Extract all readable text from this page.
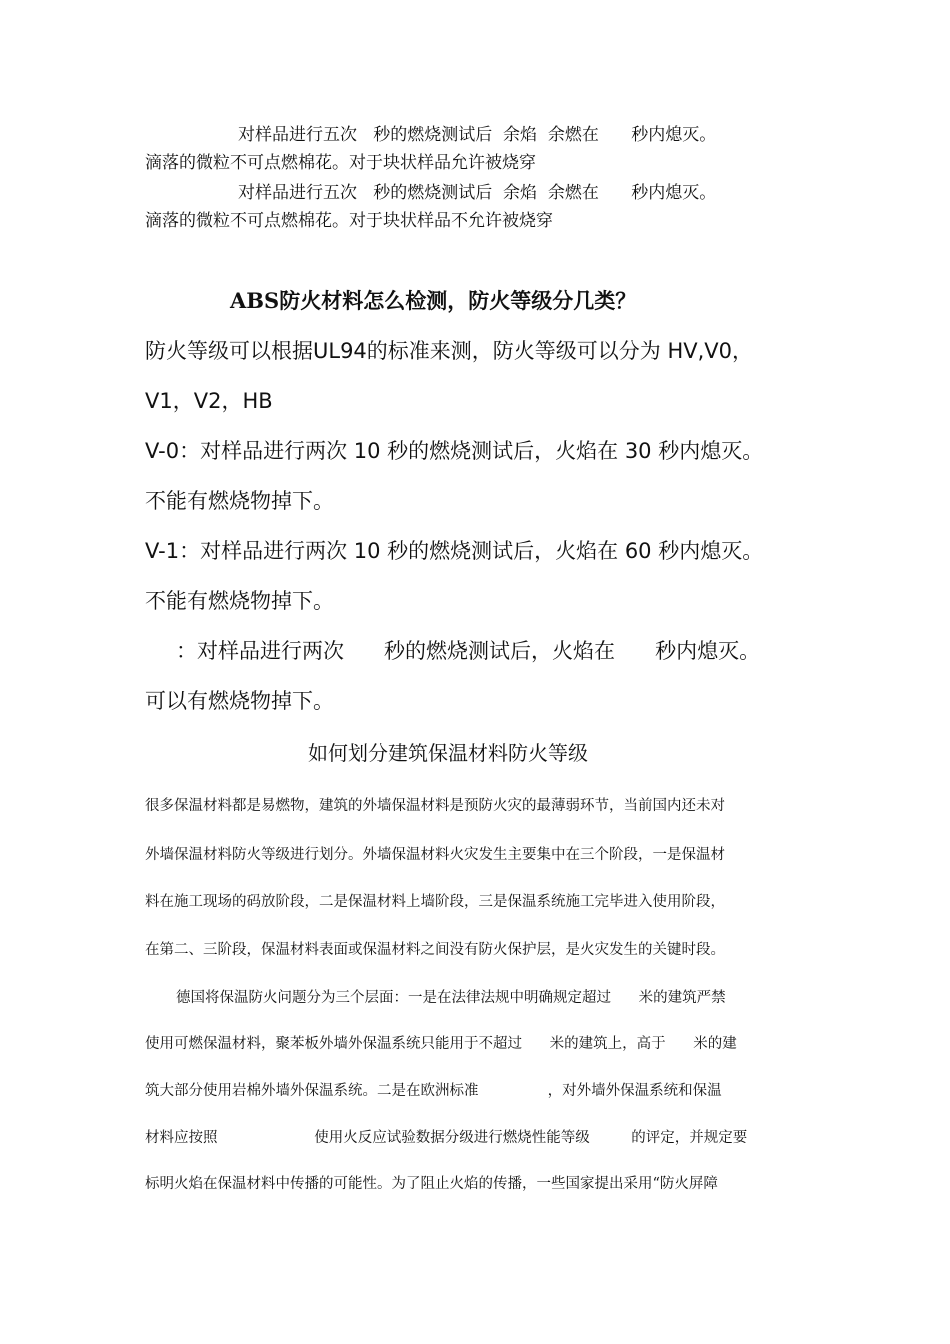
对样品进行五次   秒的燃烧测试后  余焰  余燃在      秒内熄灭。
滴落的微粒不可点燃棉花。对于块状样品允许被烧穿
对样品进行五次   秒的燃烧测试后  余焰  余燃在      秒内熄灭。
滴落的微粒不可点燃棉花。对于块状样品不允许被烧穿
ABS防火材料怎么检测，防火等级分几类？
防火等级可以根据UL94的标准来测，防火等级可以分为 HV,V0，
V1，V2，HB
V-0：对样品进行两次 10 秒的燃烧测试后，火焰在 30 秒内熄灭。
不能有燃烧物掉下。
V-1：对样品进行两次 10 秒的燃烧测试后，火焰在 60 秒内熄灭。
不能有燃烧物掉下。
：对样品进行两次      秒的燃烧测试后，火焰在      秒内熄灭。
可以有燃烧物掉下。
如何划分建筑保温材料防火等级
很多保温材料都是易燃物，建筑的外墙保温材料是预防火灾的最薄弱环节，当前国内还未对
外墙保温材料防火等级进行划分。外墙保温材料火灾发生主要集中在三个阶段，一是保温材
料在施工现场的码放阶段，二是保温材料上墙阶段，三是保温系统施工完毕进入使用阶段，
在第二、三阶段，保温材料表面或保温材料之间没有防火保护层，是火灾发生的关键时段。
德国将保温防火问题分为三个层面：一是在法律法规中明确规定超过      米的建筑严禁
使用可燃保温材料，聚苯板外墙外保温系统只能用于不超过      米的建筑上，高于      米的建
筑大部分使用岩棉外墙外保温系统。二是在欧洲标准               ，对外墙外保温系统和保温
材料应按照                     使用火反应试验数据分级进行燃烧性能等级         的评定，并规定要
标明火焰在保温材料中传播的可能性。为了阻止火焰的传播，一些国家提出采用“防火屏障
